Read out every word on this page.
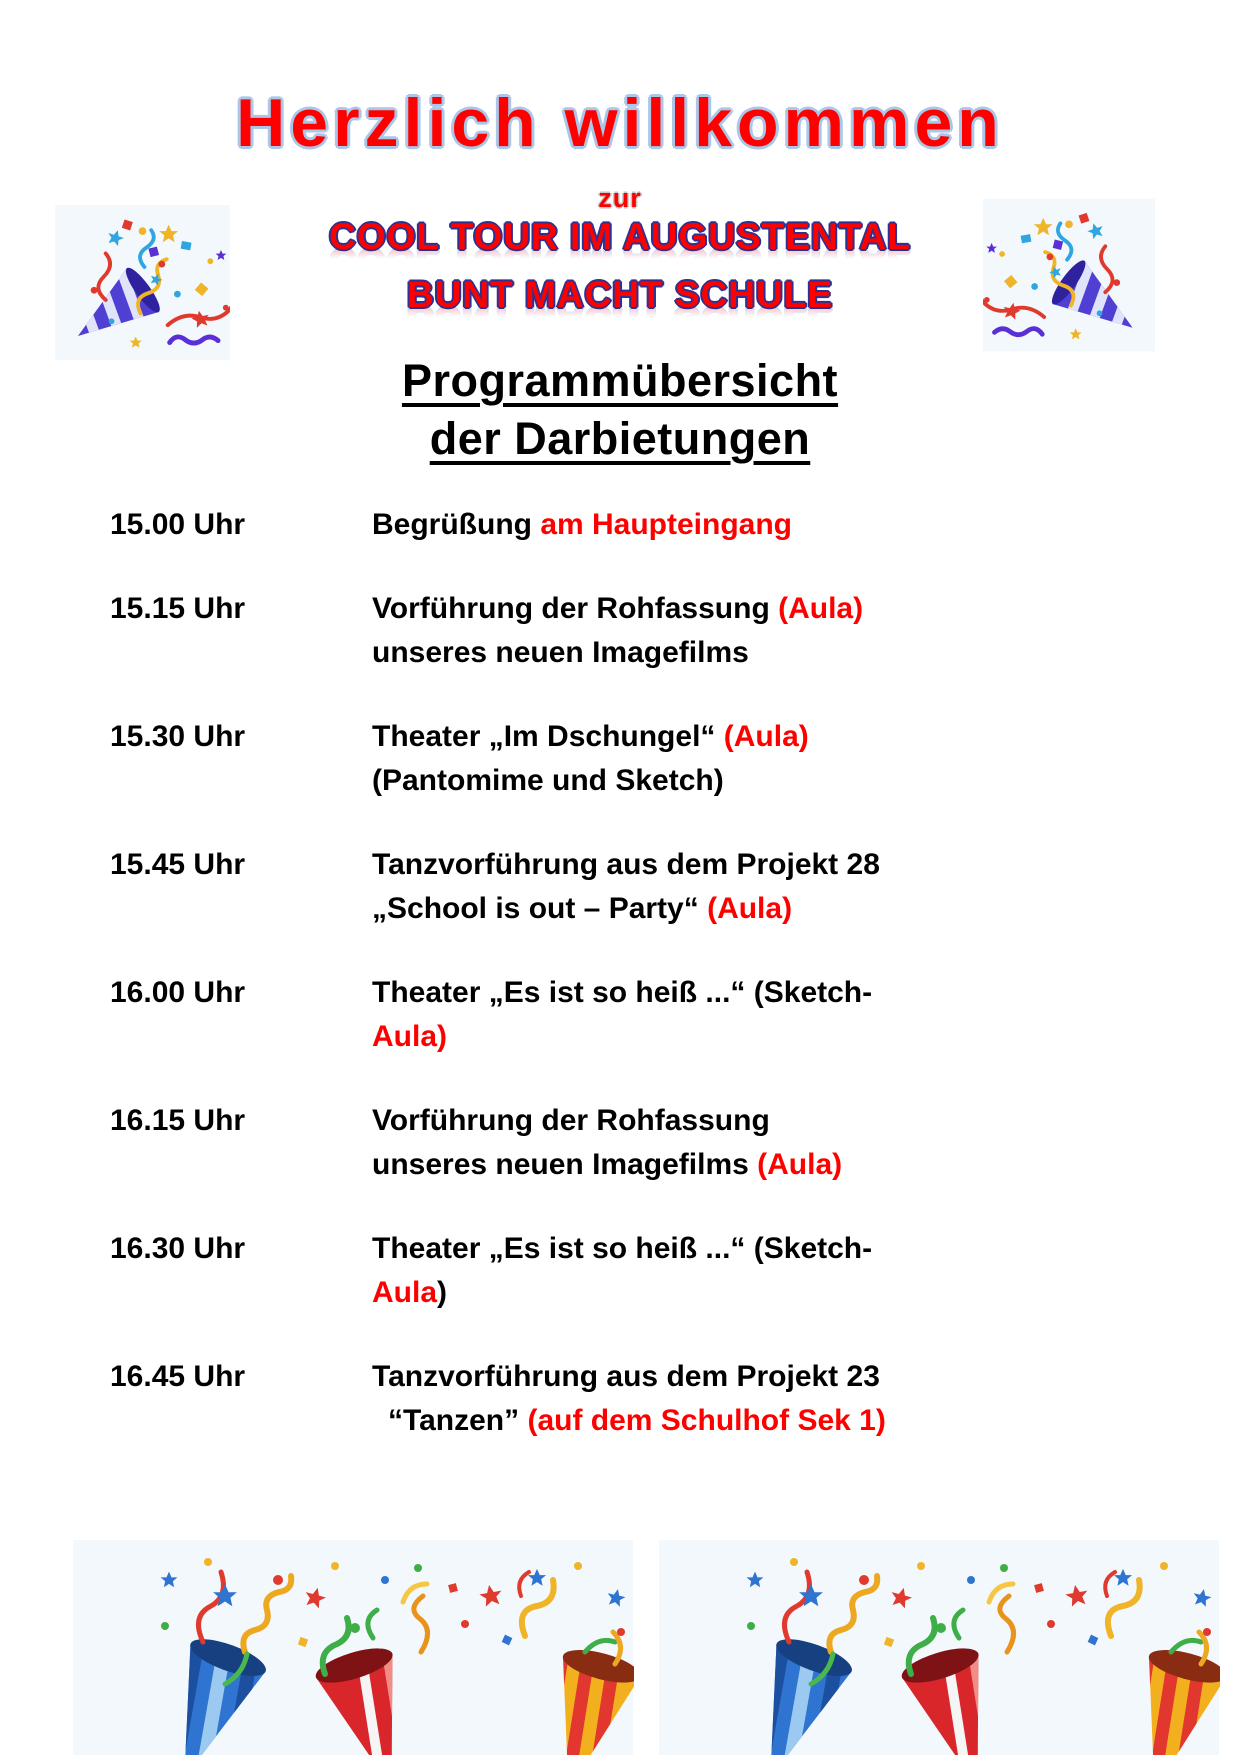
Herzlich willkommen
zur
COOL TOUR IM AUGUSTENTAL
BUNT MACHT SCHULE
Programmübersicht
der Darbietungen
15.00 Uhr	Begrüßung am Haupteingang
15.15 Uhr	Vorführung der Rohfassung (Aula)
unseres neuen Imagefilms
15.30 Uhr	Theater „Im Dschungel“ (Aula)
(Pantomime und Sketch)
15.45 Uhr	Tanzvorführung aus dem Projekt 28
„School is out – Party“ (Aula)
16.00 Uhr	Theater „Es ist so heiß ...“ (Sketch-
Aula)
16.15 Uhr	Vorführung der Rohfassung
unseres neuen Imagefilms (Aula)
16.30 Uhr	Theater „Es ist so heiß ...“ (Sketch-
Aula)
16.45 Uhr	Tanzvorführung aus dem Projekt 23
“Tanzen” (auf dem Schulhof Sek 1)
